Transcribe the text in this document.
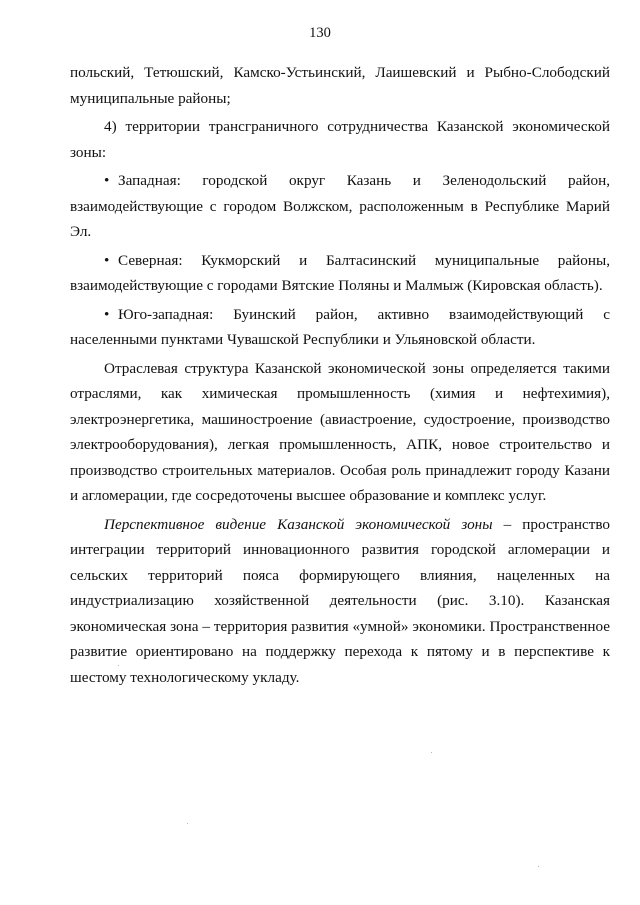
130

польский, Тетюшский, Камско-Устьинский, Лаишевский и Рыбно-Слободский муниципальные районы;

4) территории трансграничного сотрудничества Казанской экономической зоны:

• Западная: городской округ Казань и Зеленодольский район, взаимодействующие с городом Волжском, расположенным в Республике Марий Эл.

• Северная: Кукморский и Балтасинский муниципальные районы, взаимодействующие с городами Вятские Поляны и Малмыж (Кировская область).

• Юго-западная: Буинский район, активно взаимодействующий с населенными пунктами Чувашской Республики и Ульяновской области.

Отраслевая структура Казанской экономической зоны определяется такими отраслями, как химическая промышленность (химия и нефтехимия), электроэнергетика, машиностроение (авиастроение, судостроение, производство электрооборудования), легкая промышленность, АПК, новое строительство и производство строительных материалов. Особая роль принадлежит городу Казани и агломерации, где сосредоточены высшее образование и комплекс услуг.

Перспективное видение Казанской экономической зоны – пространство интеграции территорий инновационного развития городской агломерации и сельских территорий пояса формирующего влияния, нацеленных на индустриализацию хозяйственной деятельности (рис. 3.10). Казанская экономическая зона – территория развития «умной» экономики. Пространственное развитие ориентировано на поддержку перехода к пятому и в перспективе к шестому технологическому укладу.
